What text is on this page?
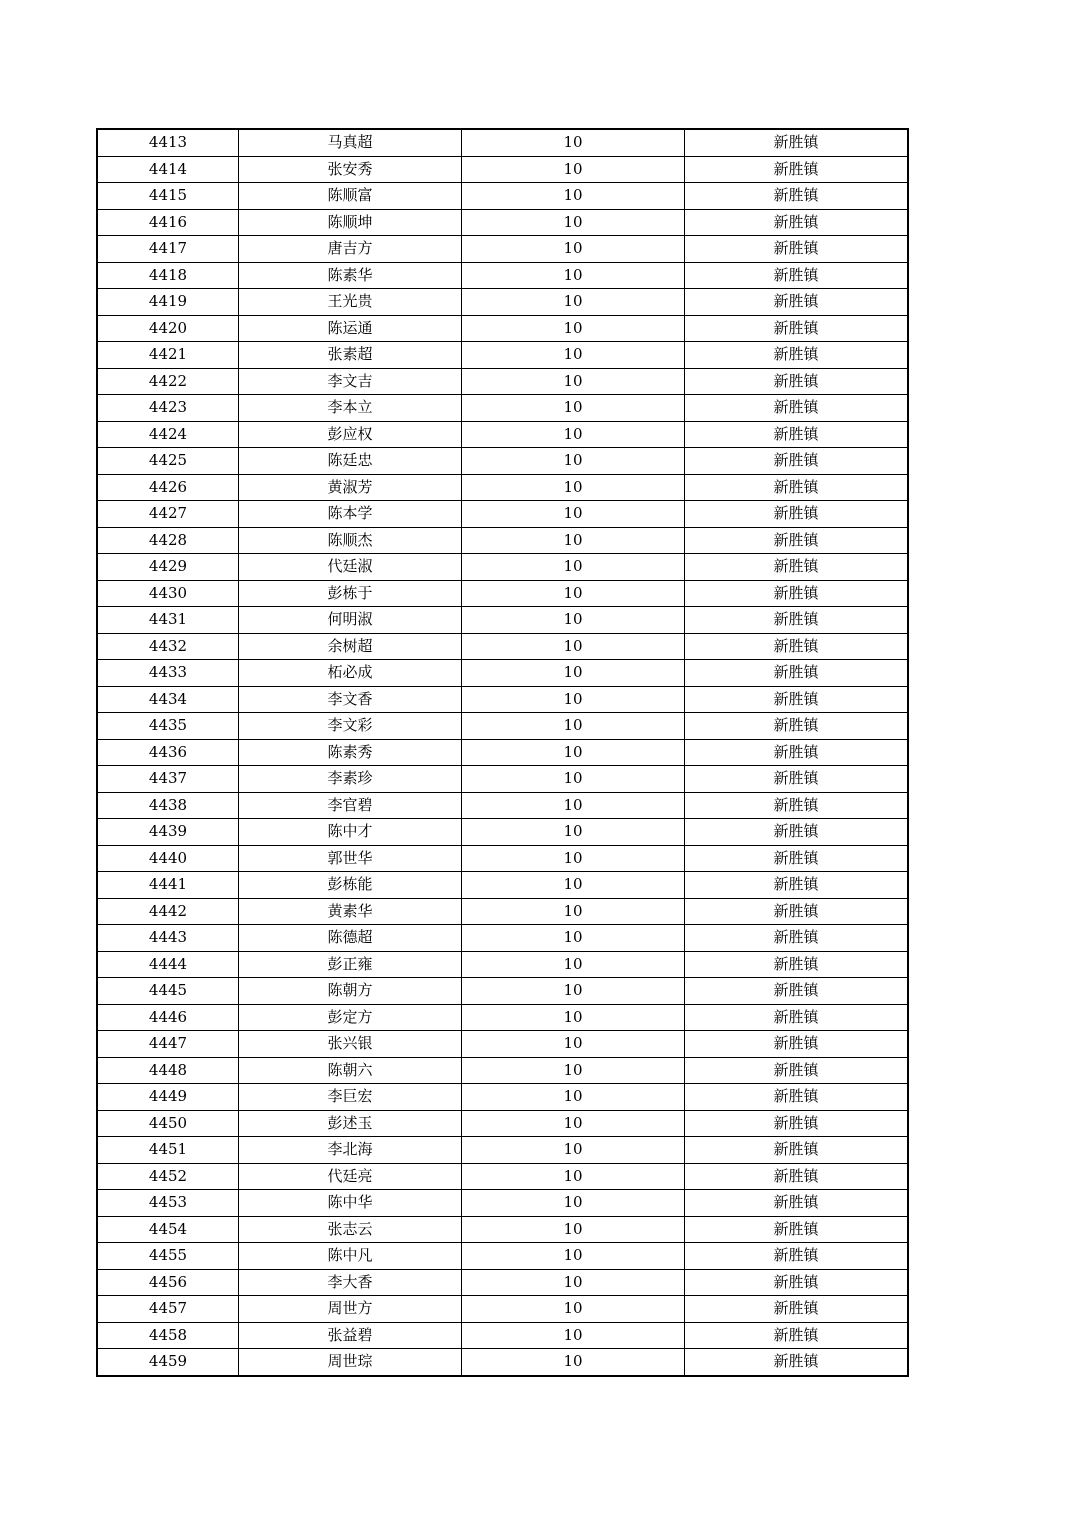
4413	马真超	10	新胜镇
4414	张安秀	10	新胜镇
4415	陈顺富	10	新胜镇
4416	陈顺坤	10	新胜镇
4417	唐吉方	10	新胜镇
4418	陈素华	10	新胜镇
4419	王光贵	10	新胜镇
4420	陈运通	10	新胜镇
4421	张素超	10	新胜镇
4422	李文吉	10	新胜镇
4423	李本立	10	新胜镇
4424	彭应权	10	新胜镇
4425	陈廷忠	10	新胜镇
4426	黄淑芳	10	新胜镇
4427	陈本学	10	新胜镇
4428	陈顺杰	10	新胜镇
4429	代廷淑	10	新胜镇
4430	彭栋于	10	新胜镇
4431	何明淑	10	新胜镇
4432	余树超	10	新胜镇
4433	柘必成	10	新胜镇
4434	李文香	10	新胜镇
4435	李文彩	10	新胜镇
4436	陈素秀	10	新胜镇
4437	李素珍	10	新胜镇
4438	李官碧	10	新胜镇
4439	陈中才	10	新胜镇
4440	郭世华	10	新胜镇
4441	彭栋能	10	新胜镇
4442	黄素华	10	新胜镇
4443	陈德超	10	新胜镇
4444	彭正雍	10	新胜镇
4445	陈朝方	10	新胜镇
4446	彭定方	10	新胜镇
4447	张兴银	10	新胜镇
4448	陈朝六	10	新胜镇
4449	李巨宏	10	新胜镇
4450	彭述玉	10	新胜镇
4451	李北海	10	新胜镇
4452	代廷亮	10	新胜镇
4453	陈中华	10	新胜镇
4454	张志云	10	新胜镇
4455	陈中凡	10	新胜镇
4456	李大香	10	新胜镇
4457	周世方	10	新胜镇
4458	张益碧	10	新胜镇
4459	周世琮	10	新胜镇
